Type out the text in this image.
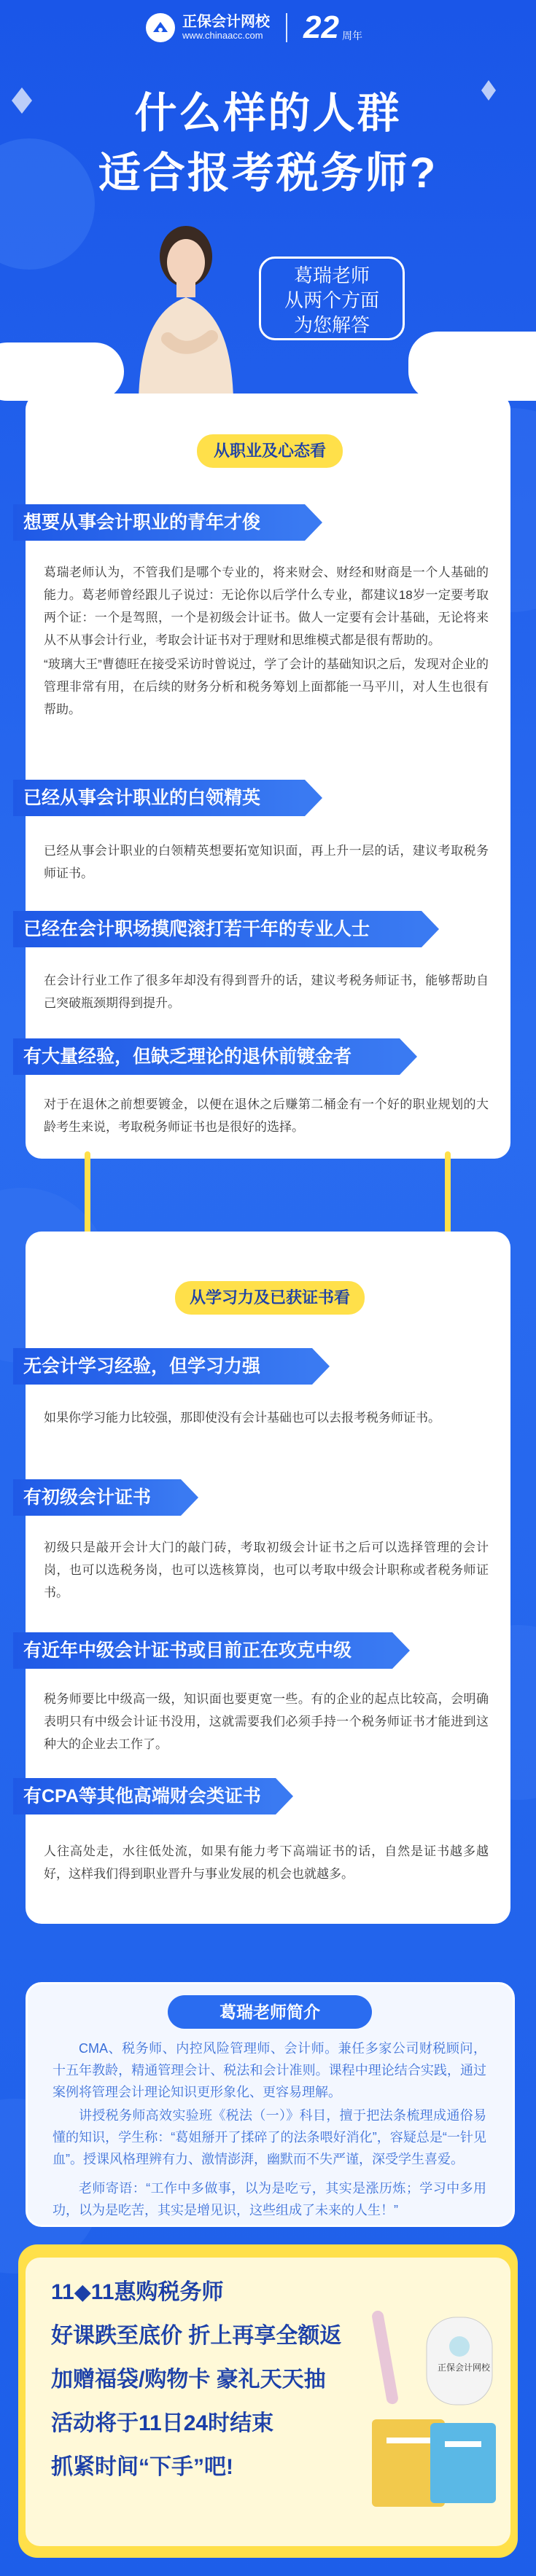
正保会计网校
www.chinaacc.com 22 周年
什么样的人群
适合报考税务师?
葛瑞老师
从两个方面
为您解答
从职业及心态看
想要从事会计职业的青年才俊
葛瑞老师认为，不管我们是哪个专业的，将来财会、财经和财商是一个人基础的能力。葛老师曾经跟儿子说过：无论你以后学什么专业，都建议18岁一定要考取两个证：一个是驾照，一个是初级会计证书。做人一定要有会计基础，无论将来从不从事会计行业，考取会计证书对于理财和思维模式都是很有帮助的。
“玻璃大王”曹德旺在接受采访时曾说过，学了会计的基础知识之后，发现对企业的管理非常有用，在后续的财务分析和税务筹划上面都能一马平川，对人生也很有帮助。
已经从事会计职业的白领精英
已经从事会计职业的白领精英想要拓宽知识面，再上升一层的话，建议考取税务师证书。
已经在会计职场摸爬滚打若干年的专业人士
在会计行业工作了很多年却没有得到晋升的话，建议考税务师证书，能够帮助自己突破瓶颈期得到提升。
有大量经验，但缺乏理论的退休前镀金者
对于在退休之前想要镀金，以便在退休之后赚第二桶金有一个好的职业规划的大龄考生来说，考取税务师证书也是很好的选择。
从学习力及已获证书看
无会计学习经验，但学习力强
如果你学习能力比较强，那即使没有会计基础也可以去报考税务师证书。
有初级会计证书
初级只是敲开会计大门的敲门砖，考取初级会计证书之后可以选择管理的会计岗，也可以选税务岗，也可以选核算岗，也可以考取中级会计职称或者税务师证书。
有近年中级会计证书或目前正在攻克中级
税务师要比中级高一级，知识面也要更宽一些。有的企业的起点比较高，会明确表明只有中级会计证书没用，这就需要我们必须手持一个税务师证书才能进到这种大的企业去工作了。
有CPA等其他高端财会类证书
人往高处走，水往低处流，如果有能力考下高端证书的话，自然是证书越多越好，这样我们得到职业晋升与事业发展的机会也就越多。
葛瑞老师简介
CMA、税务师、内控风险管理师、会计师。兼任多家公司财税顾问，十五年教龄，精通管理会计、税法和会计准则。课程中理论结合实践，通过案例将管理会计理论知识更形象化、更容易理解。
讲授税务师高效实验班《税法（一）》科目，擅于把法条梳理成通俗易懂的知识，学生称：“葛姐掰开了揉碎了的法条喂好消化”，容疑总是“一针见血”。授课风格理辨有力、激情澎湃，幽默而不失严谨，深受学生喜爱。
老师寄语：“工作中多做事，以为是吃亏，其实是涨历炼；学习中多用功，以为是吃苦，其实是增见识，这些组成了未来的人生！”
11◆11惠购税务师
好课跌至底价 折上再享全额返
加赠福袋/购物卡 豪礼天天抽
活动将于11日24时结束
抓紧时间“下手”吧!
正保会计网校
